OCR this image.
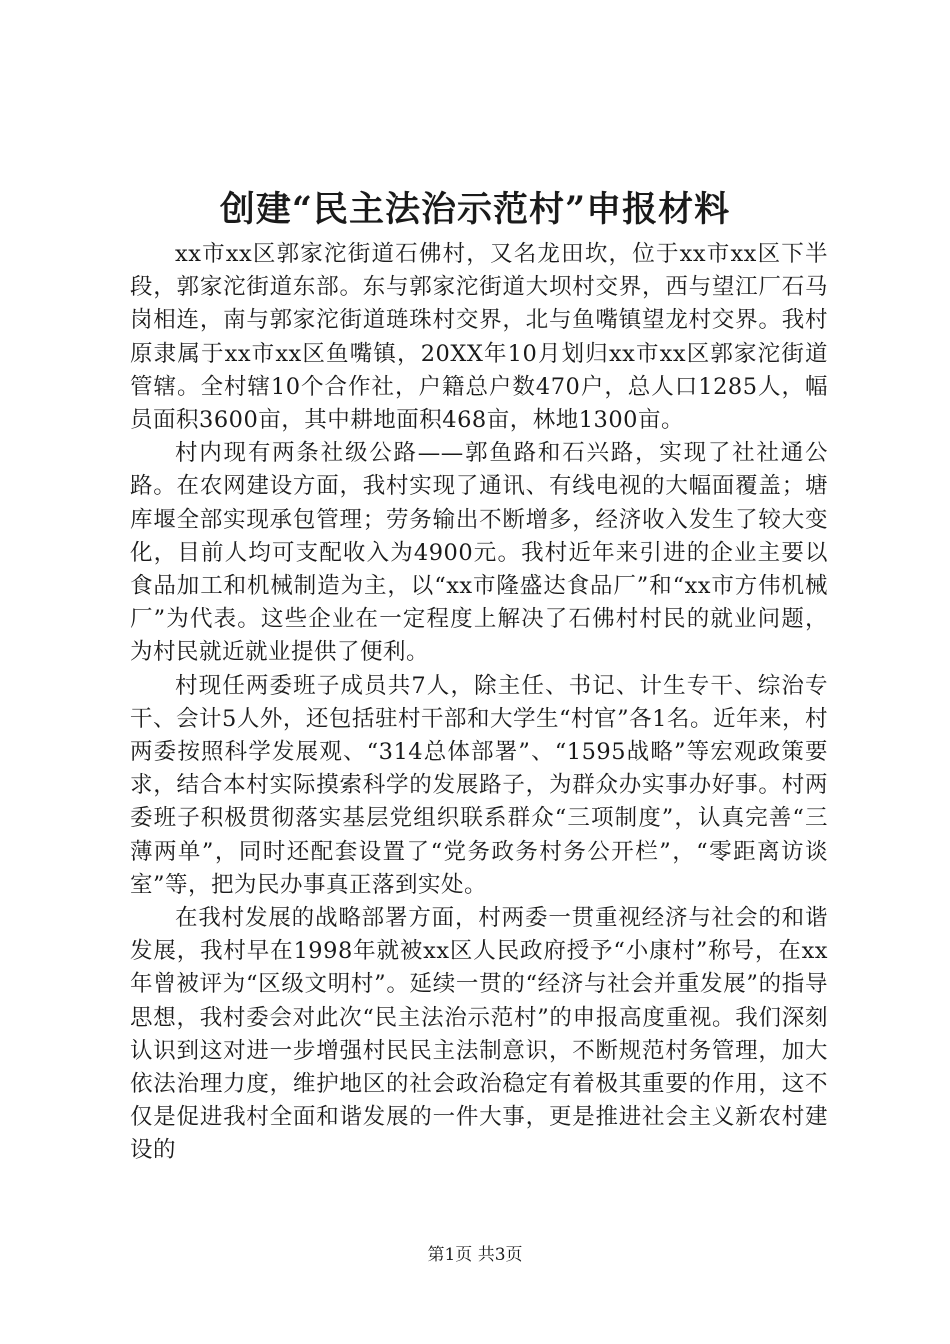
创建“民主法治示范村”申报材料

xx市xx区郭家沱街道石佛村，又名龙田坎，位于xx市xx区下半段，郭家沱街道东部。东与郭家沱街道大坝村交界，西与望江厂石马岗相连，南与郭家沱街道琏珠村交界，北与鱼嘴镇望龙村交界。我村原隶属于xx市xx区鱼嘴镇，20XX年10月划归xx市xx区郭家沱街道管辖。全村辖10个合作社，户籍总户数470户，总人口1285人，幅员面积3600亩，其中耕地面积468亩，林地1300亩。

村内现有两条社级公路——郭鱼路和石兴路，实现了社社通公路。在农网建设方面，我村实现了通讯、有线电视的大幅面覆盖；塘库堰全部实现承包管理；劳务输出不断增多，经济收入发生了较大变化，目前人均可支配收入为4900元。我村近年来引进的企业主要以食品加工和机械制造为主，以“xx市隆盛达食品厂”和“xx市方伟机械厂”为代表。这些企业在一定程度上解决了石佛村村民的就业问题，为村民就近就业提供了便利。

村现任两委班子成员共7人，除主任、书记、计生专干、综治专干、会计5人外，还包括驻村干部和大学生“村官”各1名。近年来，村两委按照科学发展观、“314总体部署”、“1595战略”等宏观政策要求，结合本村实际摸索科学的发展路子，为群众办实事办好事。村两委班子积极贯彻落实基层党组织联系群众“三项制度”，认真完善“三薄两单”，同时还配套设置了“党务政务村务公开栏”，“零距离访谈室”等，把为民办事真正落到实处。

在我村发展的战略部署方面，村两委一贯重视经济与社会的和谐发展，我村早在1998年就被xx区人民政府授予“小康村”称号，在xx年曾被评为“区级文明村”。延续一贯的“经济与社会并重发展”的指导思想，我村委会对此次“民主法治示范村”的申报高度重视。我们深刻认识到这对进一步增强村民民主法制意识，不断规范村务管理，加大依法治理力度，维护地区的社会政治稳定有着极其重要的作用，这不仅是促进我村全面和谐发展的一件大事，更是推进社会主义新农村建设的

第1页 共3页
